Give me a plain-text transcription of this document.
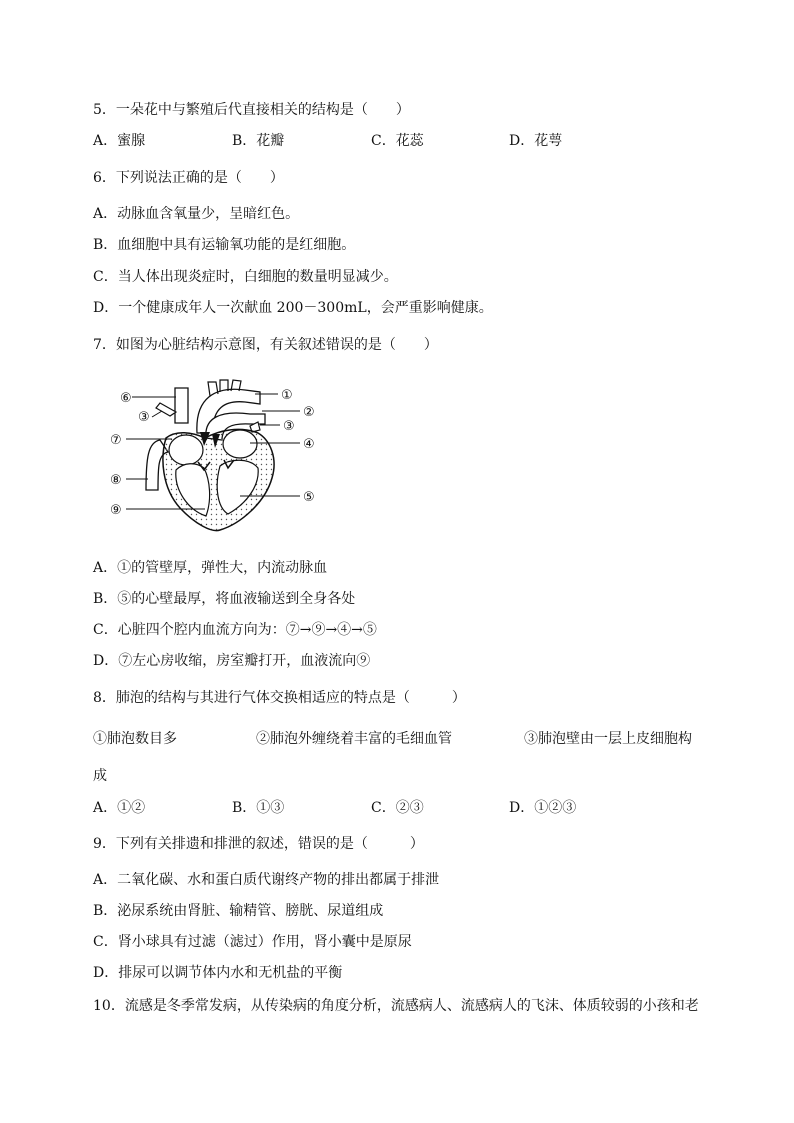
5．一朵花中与繁殖后代直接相关的结构是（　　）
A．蜜腺	B．花瓣	C．花蕊	D．花萼
6．下列说法正确的是（　　）
A．动脉血含氧量少，呈暗红色。
B．血细胞中具有运输氧功能的是红细胞。
C．当人体出现炎症时，白细胞的数量明显减少。
D．一个健康成年人一次献血 200－300mL，会严重影响健康。
7．如图为心脏结构示意图，有关叙述错误的是（　　）
⑥
③
⑦
⑧
⑨
①
②
③
④
⑤
A．①的管壁厚，弹性大，内流动脉血
B．⑤的心壁最厚，将血液输送到全身各处
C．心脏四个腔内血流方向为：⑦→⑨→④→⑤
D．⑦左心房收缩，房室瓣打开，血液流向⑨
8．肺泡的结构与其进行气体交换相适应的特点是（　　　）
①肺泡数目多	②肺泡外缠绕着丰富的毛细血管	③肺泡壁由一层上皮细胞构
成
A．①②	B．①③	C．②③	D．①②③
9．下列有关排遗和排泄的叙述，错误的是（　　　）
A．二氧化碳、水和蛋白质代谢终产物的排出都属于排泄
B．泌尿系统由肾脏、输精管、膀胱、尿道组成
C．肾小球具有过滤（滤过）作用，肾小囊中是原尿
D．排尿可以调节体内水和无机盐的平衡
10．流感是冬季常发病，从传染病的角度分析，流感病人、流感病人的飞沫、体质较弱的小孩和老
